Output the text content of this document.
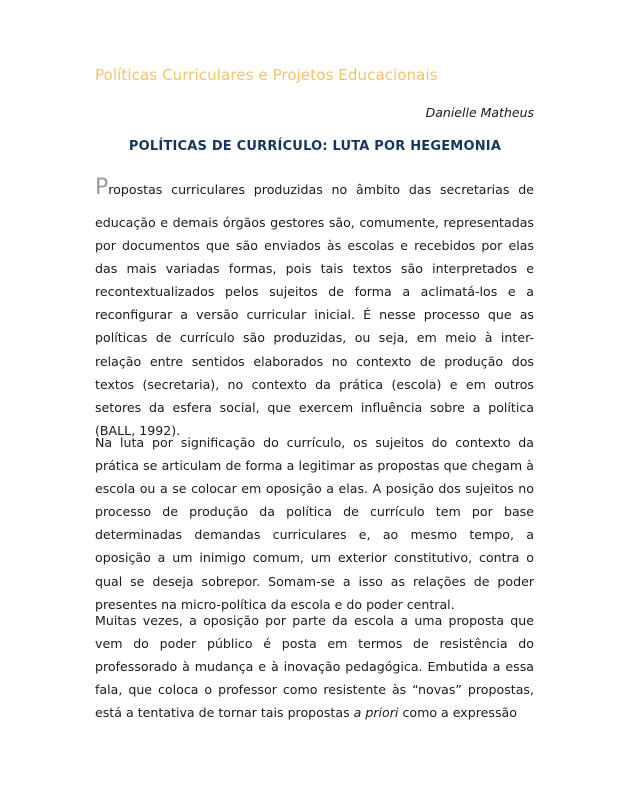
Políticas Curriculares e Projetos Educacionais
Danielle Matheus
POLÍTICAS DE CURRÍCULO: LUTA POR HEGEMONIA
Propostas curriculares produzidas no âmbito das secretarias de

educação e demais órgãos gestores são, comumente, representadas por documentos que são enviados às escolas e recebidos por elas das mais variadas formas, pois tais textos são interpretados e recontextualizados pelos sujeitos de forma a aclimatá-los e a reconfigurar a versão curricular inicial. É nesse processo que as políticas de currículo são produzidas, ou seja, em meio à inter-relação entre sentidos elaborados no contexto de produção dos textos (secretaria), no contexto da prática (escola) e em outros setores da esfera social, que exercem influência sobre a política (BALL, 1992).

Na luta por significação do currículo, os sujeitos do contexto da prática se articulam de forma a legitimar as propostas que chegam à escola ou a se colocar em oposição a elas. A posição dos sujeitos no processo de produção da política de currículo tem por base determinadas demandas curriculares e, ao mesmo tempo, a oposição a um inimigo comum, um exterior constitutivo, contra o qual se deseja sobrepor. Somam-se a isso as relações de poder presentes na micro-política da escola e do poder central.

Muitas vezes, a oposição por parte da escola a uma proposta que vem do poder público é posta em termos de resistência do professorado à mudança e à inovação pedagógica. Embutida a essa fala, que coloca o professor como resistente às “novas” propostas, está a tentativa de tornar tais propostas a priori como a expressão
